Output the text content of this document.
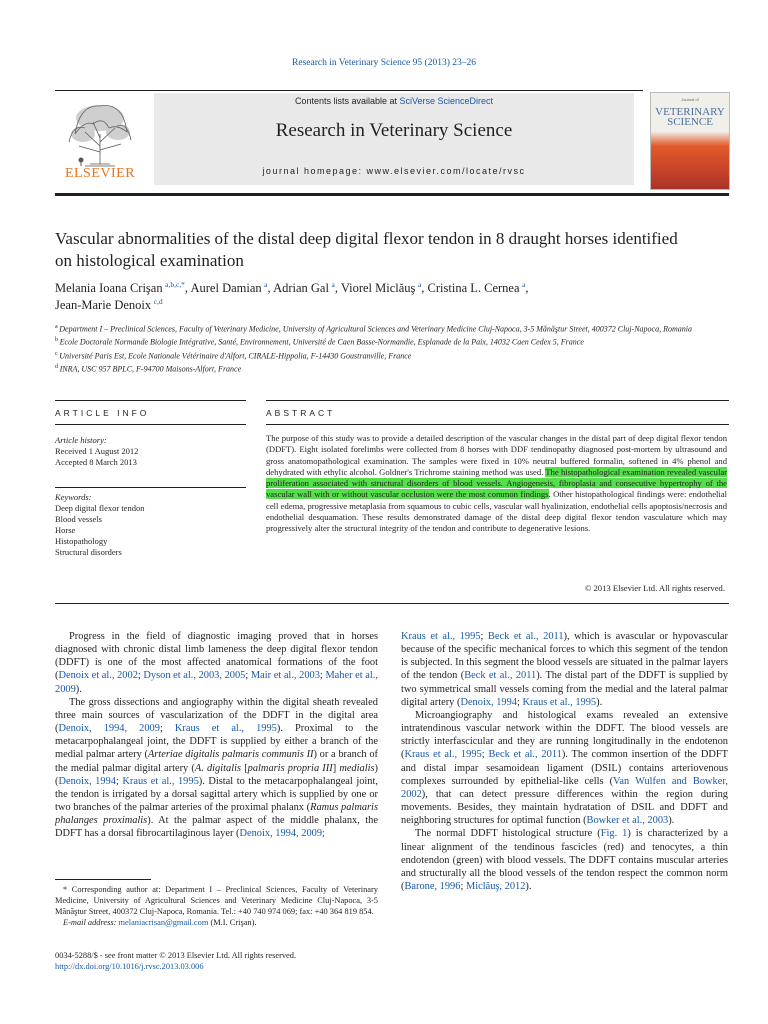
Research in Veterinary Science 95 (2013) 23–26
Contents lists available at SciVerse ScienceDirect
Research in Veterinary Science
journal homepage: www.elsevier.com/locate/rvsc
ELSEVIER
Journal of
VETERINARY
SCIENCE
Vascular abnormalities of the distal deep digital flexor tendon in 8 draught horses identified on histological examination
Melania Ioana Crişan  $^{a,b,c,*}$, Aurel Damian  $^a$, Adrian Gal  $^a$, Viorel Miclăuş  $^a$, Cristina L. Cernea  $^a$,
Jean-Marie Denoix  $^{c,d}$
$^a$  Department I – Preclinical Sciences, Faculty of Veterinary Medicine, University of Agricultural Sciences and Veterinary Medicine Cluj-Napoca, 3-5 Mănăştur Street, 400372 Cluj-Napoca, Romania
$^b$  Ecole Doctorale Normande Biologie Intégrative, Santé, Environnement, Université de Caen Basse-Normandie, Esplanade de la Paix, 14032 Caen Cedex 5, France
$^c$  Université Paris Est, Ecole Nationale Vétérinaire d'Alfort, CIRALE-Hippolia, F-14430 Goustranville, France
$^d$  INRA, USC 957 BPLC, F-94700 Maisons-Alfort, France
ARTICLE INFO
Article history:
Received 1 August 2012
Accepted 8 March 2013
Keywords:
Deep digital flexor tendon
Blood vessels
Horse
Histopathology
Structural disorders
ABSTRACT
The purpose of this study was to provide a detailed description of the vascular changes in the distal part of deep digital flexor tendon (DDFT). Eight isolated forelimbs were collected from 8 horses with DDF tendinopathy diagnosed post-mortem by ultrasound and gross anatomopathological examination. The samples were fixed in 10% neutral buffered formalin, softened in 4% phenol and dehydrated with ethylic alcohol. Goldner's Trichrome staining method was used. The histopathological examination revealed vascular proliferation associated with structural disorders of blood vessels. Angiogenesis, fibroplasia and consecutive hypertrophy of the vascular wall with or without vascular occlusion were the most common findings. Other histopathological findings were: endothelial cell edema, progressive metaplasia from squamous to cubic cells, vascular wall hyalinization, endothelial cells apoptosis/necrosis and endothelial desquamation. These results demonstrated damage of the distal deep digital flexor tendon vasculature which may progressively alter the structural integrity of the tendon and contribute to degenerative lesions.
© 2013 Elsevier Ltd. All rights reserved.

Progress in the field of diagnostic imaging proved that in horses diagnosed with chronic distal limb lameness the deep digital flexor tendon (DDFT) is one of the most affected anatomical formations of the foot (Denoix et al., 2002; Dyson et al., 2003, 2005; Mair et al., 2003; Maher et al., 2009).

The gross dissections and angiography within the digital sheath revealed three main sources of vascularization of the DDFT in the digital area (Denoix, 1994, 2009; Kraus et al., 1995). Proximal to the metacarpophalangeal joint, the DDFT is supplied by either a branch of the medial palmar artery (Arteriae digitalis palmaris communis II) or a branch of the medial palmar digital artery (A. digitalis [palmaris propria III] medialis) (Denoix, 1994; Kraus et al., 1995). Distal to the metacarpophalangeal joint, the tendon is irrigated by a dorsal sagittal artery which is supplied by one or two branches of the palmar arteries of the proximal phalanx (Ramus palmaris phalanges proximalis). At the palmar aspect of the middle phalanx, the DDFT has a dorsal fibrocartilaginous layer (Denoix, 1994, 2009;

* Corresponding author at: Department I – Preclinical Sciences, Faculty of Veterinary Medicine, University of Agricultural Sciences and Veterinary Medicine Cluj-Napoca, 3-5 Mănăştur Street, 400372 Cluj-Napoca, Romania. Tel.: +40 740 974 069; fax: +40 364 819 854.
E-mail address: melaniacrisan@gmail.com (M.I. Crişan).
0034-5288/$ - see front matter © 2013 Elsevier Ltd. All rights reserved.
http://dx.doi.org/10.1016/j.rvsc.2013.03.006

Kraus et al., 1995; Beck et al., 2011), which is avascular or hypovascular because of the specific mechanical forces to which this segment of the tendon is subjected. In this segment the blood vessels are situated in the palmar layers of the tendon (Beck et al., 2011). The distal part of the DDFT is supplied by two symmetrical small vessels coming from the medial and the lateral palmar digital artery (Denoix, 1994; Kraus et al., 1995).

Microangiography and histological exams revealed an extensive intratendinous vascular network within the DDFT. The blood vessels are strictly interfascicular and they are running longitudinally in the endotenon (Kraus et al., 1995; Beck et al., 2011). The common insertion of the DDFT and distal impar sesamoidean ligament (DSIL) contains arteriovenous complexes surrounded by epithelial-like cells (Van Wulfen and Bowker, 2002), that can detect pressure differences within the region during movements. Besides, they maintain hydratation of DSIL and DDFT and neighboring structures for optimal function (Bowker et al., 2003).

The normal DDFT histological structure (Fig. 1) is characterized by a linear alignment of the tendinous fascicles (red) and tenocytes, a thin endotendon (green) with blood vessels. The DDFT contains muscular arteries and structurally all the blood vessels of the tendon respect the common norm (Barone, 1996; Miclăuş, 2012).
